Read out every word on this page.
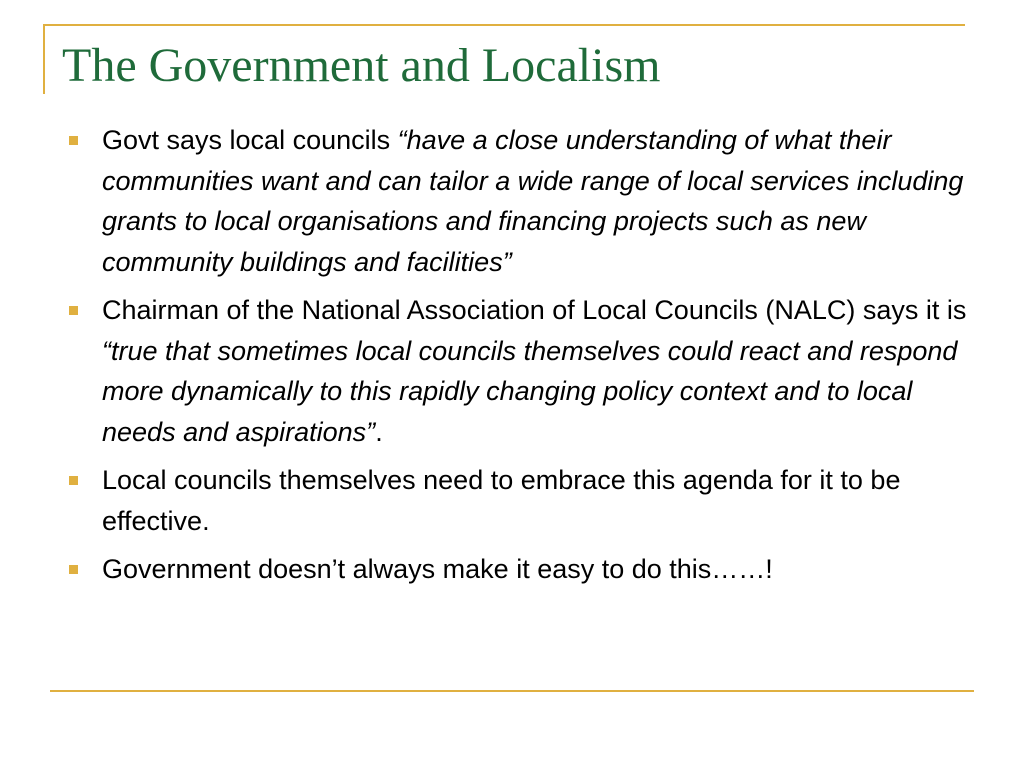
The Government and Localism
Govt says local councils “have a close understanding of what their communities want and can tailor a wide range of local services including grants to local organisations and financing projects such as new community buildings and facilities”
Chairman of the National Association of Local Councils (NALC) says it is “true that sometimes local councils themselves could react and respond more dynamically to this rapidly changing policy context and to local needs and aspirations”.
Local councils themselves need to embrace this agenda for it to be effective.
Government doesn’t always make it easy to do this……!
